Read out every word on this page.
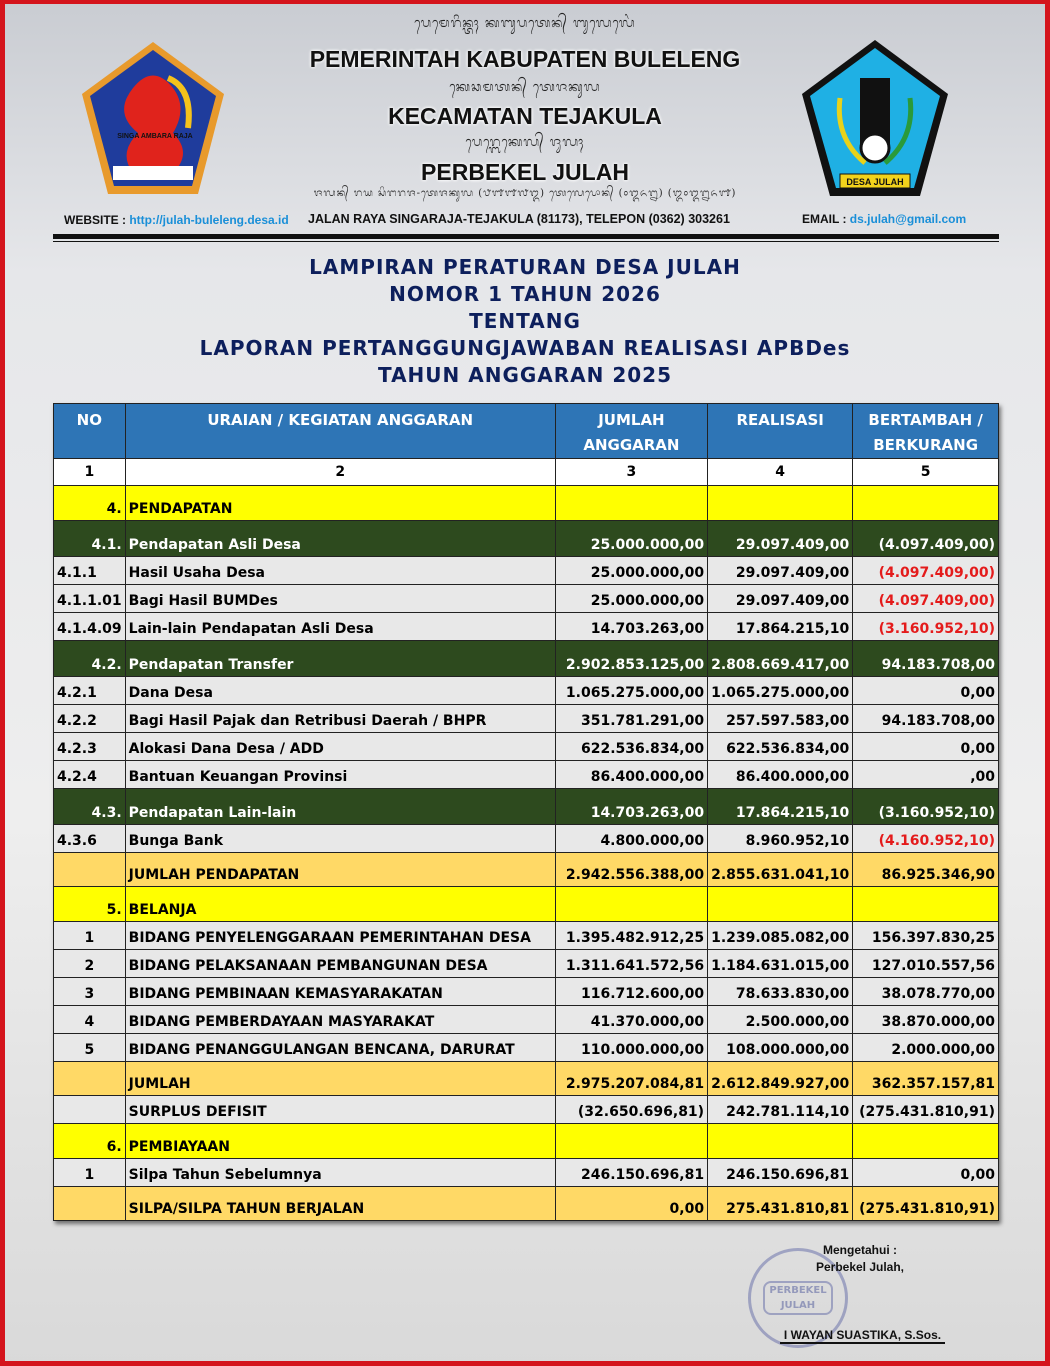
SINGA AMBARA RAJA
DESA JULAH
ᬧᬾᬫᬾᬭᬶᬦ᭄ᬢᬄ ᬓᬩᬸᬧᬢᬾᬦ᭄ ᬩᬸᬮᬾᬮᬾᬂ
PEMERINTAH KABUPATEN BULELENG
ᬓᬾᬘᬫᬢᬦ᭄ ᬢᬾᬚᬓᬸᬮ
KECAMATAN TEJAKULA
ᬧᬾᬭ᭄ᬩᬾᬓᬾᬮ᭄ ᬚᬸᬮᬄ
PERBEKEL JULAH
ᬚᬮᬦ᭄ ᬭᬬ ᬲᬶᬗᬭᬚ-ᬢᬾᬚᬓᬸᬮ (᭘᭑᭑᭗᭓) ᬢᬾᬮᬾᬧᭀᬦ᭄ (᭐᭓᭖᭒) (᭓᭐᭓᭒᭖᭑)
WEBSITE : http://julah-buleleng.desa.id JALAN RAYA SINGARAJA-TEJAKULA (81173), TELEPON (0362) 303261	EMAIL : ds.julah@gmail.com
LAMPIRAN PERATURAN DESA JULAH
NOMOR 1 TAHUN 2026
TENTANG
LAPORAN PERTANGGUNGJAWABAN REALISASI APBDes
TAHUN ANGGARAN 2025
NO	URAIAN / KEGIATAN ANGGARAN	JUMLAH ANGGARAN	REALISASI	BERTAMBAH / BERKURANG
1	2	3	4	5
4.	PENDAPATAN			
4.1.	Pendapatan Asli Desa	25.000.000,00	29.097.409,00	(4.097.409,00)
4.1.1	Hasil Usaha Desa	25.000.000,00	29.097.409,00	(4.097.409,00)
4.1.1.01	Bagi Hasil BUMDes	25.000.000,00	29.097.409,00	(4.097.409,00)
4.1.4.09	Lain-lain Pendapatan Asli Desa	14.703.263,00	17.864.215,10	(3.160.952,10)
4.2.	Pendapatan Transfer	2.902.853.125,00	2.808.669.417,00	94.183.708,00
4.2.1	Dana Desa	1.065.275.000,00	1.065.275.000,00	0,00
4.2.2	Bagi Hasil Pajak dan Retribusi Daerah / BHPR	351.781.291,00	257.597.583,00	94.183.708,00
4.2.3	Alokasi Dana Desa / ADD	622.536.834,00	622.536.834,00	0,00
4.2.4	Bantuan Keuangan Provinsi	86.400.000,00	86.400.000,00	,00
4.3.	Pendapatan Lain-lain	14.703.263,00	17.864.215,10	(3.160.952,10)
4.3.6	Bunga Bank	4.800.000,00	8.960.952,10	(4.160.952,10)
	JUMLAH PENDAPATAN	2.942.556.388,00	2.855.631.041,10	86.925.346,90
5.	BELANJA			
1	BIDANG PENYELENGGARAAN PEMERINTAHAN DESA	1.395.482.912,25	1.239.085.082,00	156.397.830,25
2	BIDANG PELAKSANAAN PEMBANGUNAN DESA	1.311.641.572,56	1.184.631.015,00	127.010.557,56
3	BIDANG PEMBINAAN KEMASYARAKATAN	116.712.600,00	78.633.830,00	38.078.770,00
4	BIDANG PEMBERDAYAAN MASYARAKAT	41.370.000,00	2.500.000,00	38.870.000,00
5	BIDANG PENANGGULANGAN BENCANA, DARURAT	110.000.000,00	108.000.000,00	2.000.000,00
	JUMLAH	2.975.207.084,81	2.612.849.927,00	362.357.157,81
	SURPLUS DEFISIT	(32.650.696,81)	242.781.114,10	(275.431.810,91)
6.	PEMBIAYAAN			
1	Silpa Tahun Sebelumnya	246.150.696,81	246.150.696,81	0,00
	SILPA/SILPA TAHUN BERJALAN	0,00	275.431.810,81	(275.431.810,91)
PERBEKEL JULAH
Mengetahui :
Perbekel Julah,
I WAYAN SUASTIKA, S.Sos.
